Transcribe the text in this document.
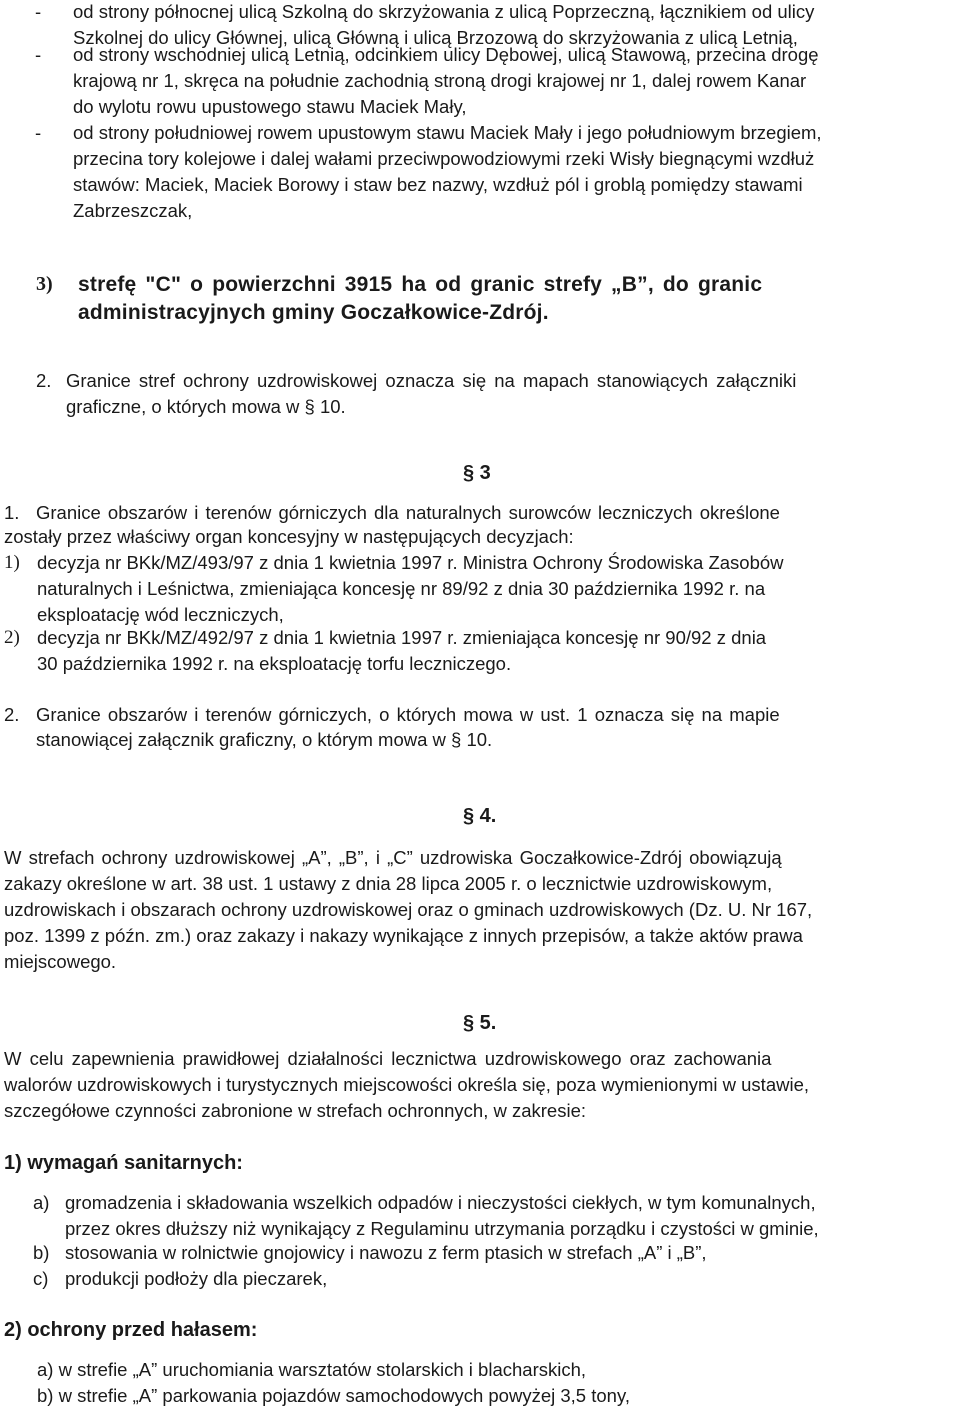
- od strony północnej ulicą Szkolną do skrzyżowania z ulicą Poprzeczną, łącznikiem od ulicy
Szkolnej do ulicy Głównej, ulicą Główną i ulicą Brzozową do skrzyżowania z ulicą Letnią,
- od strony wschodniej ulicą Letnią, odcinkiem ulicy Dębowej, ulicą Stawową, przecina drogę
krajową nr 1, skręca na południe zachodnią stroną drogi krajowej nr 1, dalej rowem Kanar
do wylotu rowu upustowego stawu Maciek Mały,
- od strony południowej rowem upustowym stawu Maciek Mały i jego południowym brzegiem,
przecina tory kolejowe i dalej wałami przeciwpowodziowymi rzeki Wisły biegnącymi wzdłuż
stawów: Maciek, Maciek Borowy i staw bez nazwy, wzdłuż pól i groblą pomiędzy stawami
Zabrzeszczak,
3) strefę "C" o powierzchni 3915 ha od granic strefy „B”, do granic
administracyjnych gminy Goczałkowice-Zdrój.
2. Granice stref ochrony uzdrowiskowej oznacza się na mapach stanowiących załączniki
graficzne, o których mowa w § 10.
§ 3
1. Granice obszarów i terenów górniczych dla naturalnych surowców leczniczych określone
zostały przez właściwy organ koncesyjny w następujących decyzjach:
1) decyzja nr BKk/MZ/493/97 z dnia 1 kwietnia 1997 r. Ministra Ochrony Środowiska Zasobów
naturalnych i Leśnictwa, zmieniająca koncesję nr 89/92 z dnia 30 października 1992 r. na
eksploatację wód leczniczych,
2) decyzja nr BKk/MZ/492/97 z dnia 1 kwietnia 1997 r. zmieniająca koncesję nr 90/92 z dnia
30 października 1992 r. na eksploatację torfu leczniczego.
2. Granice obszarów i terenów górniczych, o których mowa w ust. 1 oznacza się na mapie
stanowiącej załącznik graficzny, o którym mowa w § 10.
§ 4.
W strefach ochrony uzdrowiskowej „A”, „B”, i „C” uzdrowiska Goczałkowice-Zdrój obowiązują
zakazy określone w art. 38 ust. 1 ustawy z dnia 28 lipca 2005 r. o lecznictwie uzdrowiskowym,
uzdrowiskach i obszarach ochrony uzdrowiskowej oraz o gminach uzdrowiskowych (Dz. U. Nr 167,
poz. 1399 z późn. zm.) oraz zakazy i nakazy wynikające z innych przepisów, a także aktów prawa
miejscowego.
§ 5.
W celu zapewnienia prawidłowej działalności lecznictwa uzdrowiskowego oraz zachowania
walorów uzdrowiskowych i turystycznych miejscowości określa się, poza wymienionymi w ustawie,
szczegółowe czynności zabronione w strefach ochronnych, w zakresie:
1) wymagań sanitarnych:
a) gromadzenia i składowania wszelkich odpadów i nieczystości ciekłych, w tym komunalnych,
przez okres dłuższy niż wynikający z Regulaminu utrzymania porządku i czystości w gminie,
b) stosowania w rolnictwie gnojowicy i nawozu z ferm ptasich w strefach „A” i „B”,
c) produkcji podłoży dla pieczarek,
2) ochrony przed hałasem:
a) w strefie „A” uruchomiania warsztatów stolarskich i blacharskich,
b) w strefie „A” parkowania pojazdów samochodowych powyżej 3,5 tony,
